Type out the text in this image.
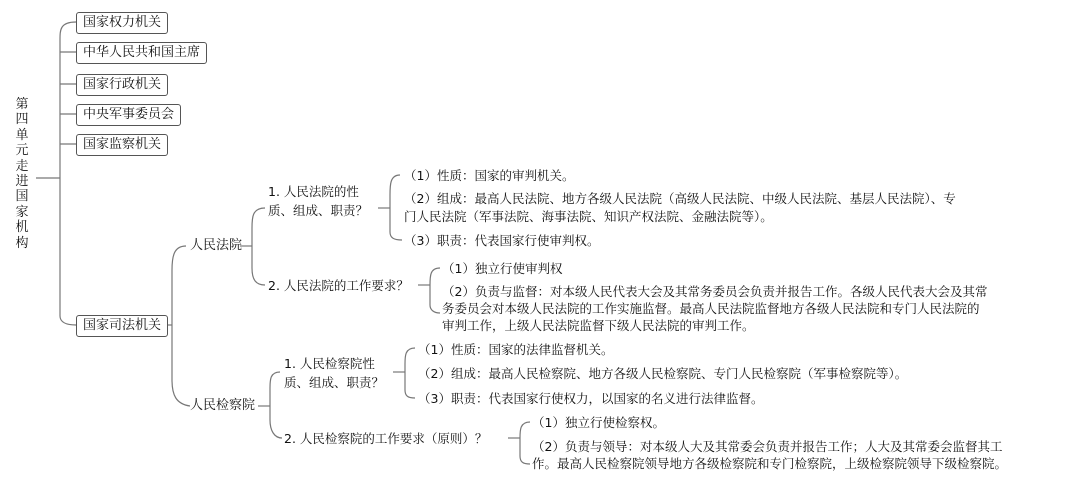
第四单元走进国家机构
国家权力机关
中华人民共和国主席
国家行政机关
中央军事委员会
国家监察机关
国家司法机关
人民法院
1. 人民法院的性质、组成、职责？
（1）性质：国家的审判机关。
（2）组成：最高人民法院、地方各级人民法院（高级人民法院、中级人民法院、基层人民法院）、专
门人民法院（军事法院、海事法院、知识产权法院、金融法院等）。
（3）职责：代表国家行使审判权。
2. 人民法院的工作要求？
（1）独立行使审判权
（2）负责与监督：对本级人民代表大会及其常务委员会负责并报告工作。各级人民代表大会及其常
务委员会对本级人民法院的工作实施监督。最高人民法院监督地方各级人民法院和专门人民法院的
审判工作，上级人民法院监督下级人民法院的审判工作。
人民检察院
1. 人民检察院性质、组成、职责？
（1）性质：国家的法律监督机关。
（2）组成：最高人民检察院、地方各级人民检察院、专门人民检察院（军事检察院等）。
（3）职责：代表国家行使权力，以国家的名义进行法律监督。
2. 人民检察院的工作要求（原则）？
（1）独立行使检察权。
（2）负责与领导：对本级人大及其常委会负责并报告工作；人大及其常委会监督其工
作。最高人民检察院领导地方各级检察院和专门检察院，上级检察院领导下级检察院。
